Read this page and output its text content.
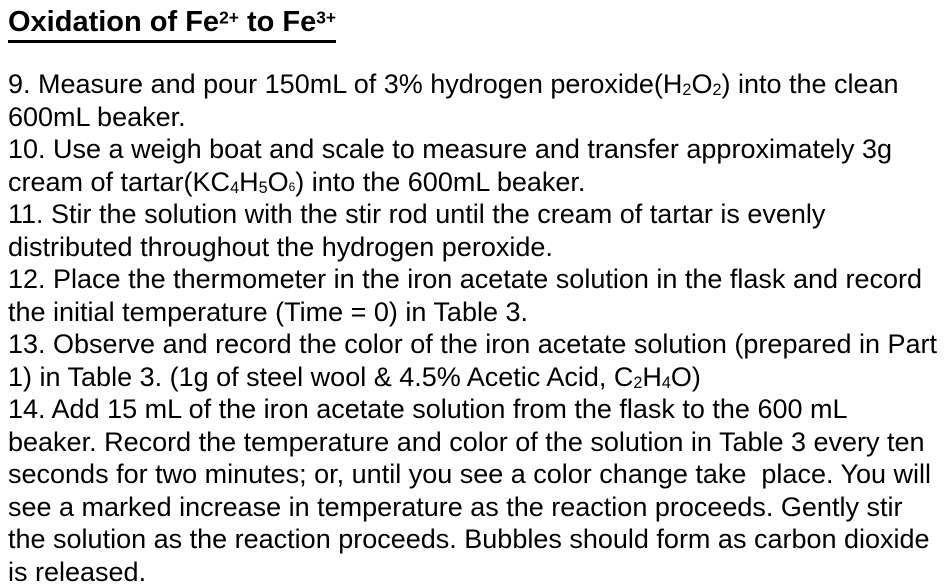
Oxidation of $Fe^{2+}$ to $Fe^{3+}$

9. Measure and pour 150mL of 3% hydrogen $peroxide(H_2O_2)$ into the clean 600mL beaker.

10. Use a weigh boat and scale to measure and transfer approximately 3g cream of $tartar(KC_4H_5O_6)$ into the 600mL beaker.

11. Stir the solution with the stir rod until the cream of tartar is evenly distributed throughout the hydrogen peroxide.

12. Place the thermometer in the iron acetate solution in the flask and record the initial temperature (Time = 0) in Table 3.

13. Observe and record the color of the iron acetate solution (prepared in Part 1) in Table 3. (1g of steel wool & 4.5% Acetic Acid, $C_2H_4O$)

14. Add 15 mL of the iron acetate solution from the flask to the 600 mL beaker. Record the temperature and color of the solution in Table 3 every ten seconds for two minutes; or, until you see a color change take  place. You will see a marked increase in temperature as the reaction proceeds. Gently stir the solution as the reaction proceeds. Bubbles should form as carbon dioxide is released.
